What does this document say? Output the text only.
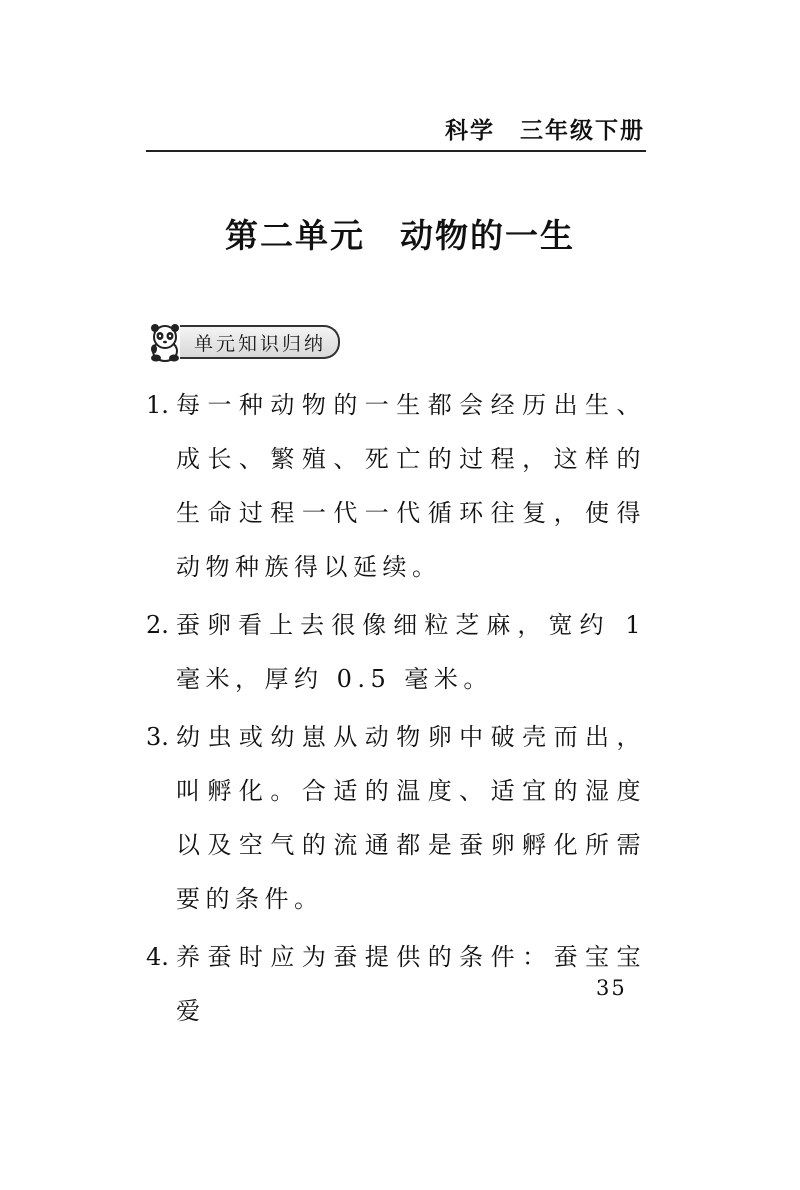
科学　三年级下册
第二单元　动物的一生
单元知识归纳
1. 每一种动物的一生都会经历出生、成长、繁殖、死亡的过程，这样的生命过程一代一代循环往复，使得动物种族得以延续。
2. 蚕卵看上去很像细粒芝麻，宽约 1 毫米，厚约 0.5 毫米。
3. 幼虫或幼崽从动物卵中破壳而出，叫孵化。合适的温度、适宜的湿度以及空气的流通都是蚕卵孵化所需要的条件。
4. 养蚕时应为蚕提供的条件：蚕宝宝爱
35
